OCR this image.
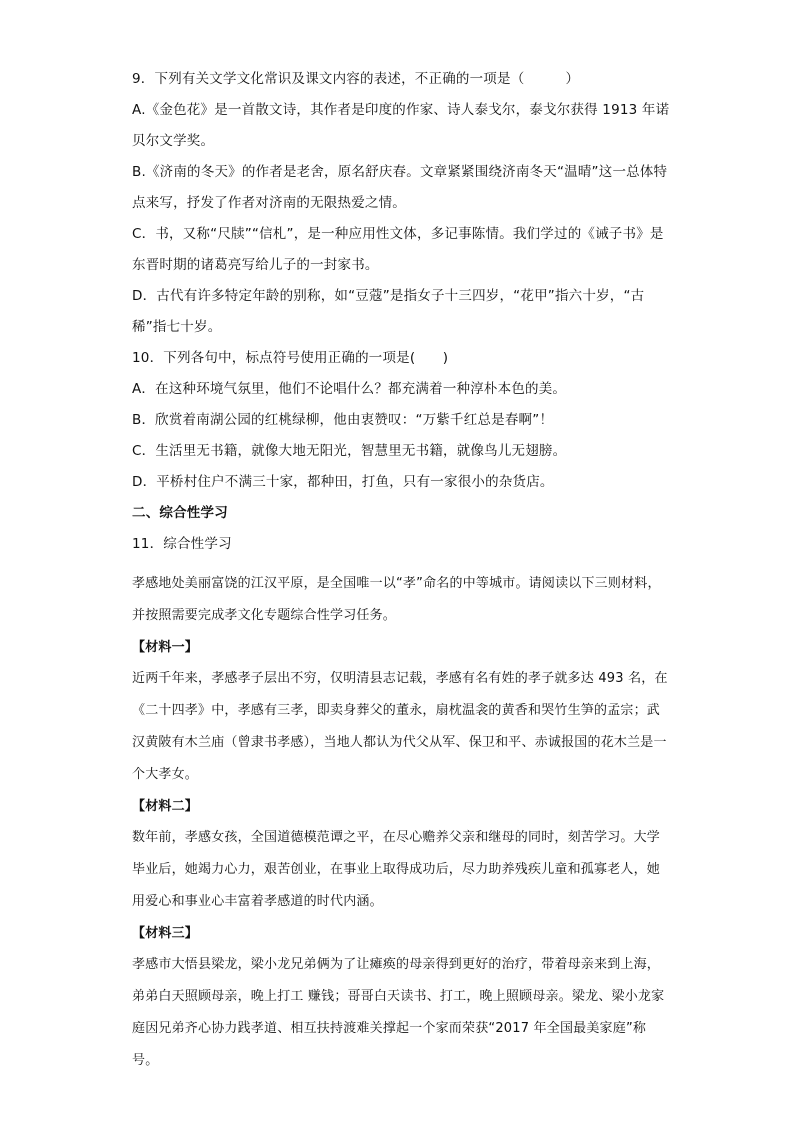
9．下列有关文学文化常识及课文内容的表述，不正确的一项是（　　　）

A.《金色花》是一首散文诗，其作者是印度的作家、诗人泰戈尔，泰戈尔获得 1913 年诺贝尔文学奖。

B.《济南的冬天》的作者是老舍，原名舒庆春。文章紧紧围绕济南冬天“温晴”这一总体特点来写，抒发了作者对济南的无限热爱之情。

C．书，又称“尺牍”“信札”，是一种应用性文体，多记事陈情。我们学过的《诫子书》是东晋时期的诸葛亮写给儿子的一封家书。

D．古代有许多特定年龄的别称，如“豆蔻”是指女子十三四岁，“花甲”指六十岁，“古稀”指七十岁。

10．下列各句中，标点符号使用正确的一项是(　　)

A．在这种环境气氛里，他们不论唱什么？都充满着一种淳朴本色的美。

B．欣赏着南湖公园的红桃绿柳，他由衷赞叹：“万紫千红总是春啊”！

C．生活里无书籍，就像大地无阳光，智慧里无书籍，就像鸟儿无翅膀。

D．平桥村住户不满三十家，都种田，打鱼，只有一家很小的杂货店。

二、综合性学习

11．综合性学习

孝感地处美丽富饶的江汉平原，是全国唯一以“孝”命名的中等城市。请阅读以下三则材料，并按照需要完成孝文化专题综合性学习任务。

【材料一】

近两千年来，孝感孝子层出不穷，仅明清县志记载，孝感有名有姓的孝子就多达 493 名，在《二十四孝》中，孝感有三孝，即卖身葬父的董永，扇枕温衾的黄香和哭竹生笋的孟宗；武汉黄陂有木兰庙（曾隶书孝感），当地人都认为代父从军、保卫和平、赤诚报国的花木兰是一个大孝女。

【材料二】

数年前，孝感女孩，全国道德模范谭之平，在尽心赡养父亲和继母的同时，刻苦学习。大学毕业后，她竭力心力，艰苦创业，在事业上取得成功后，尽力助养残疾儿童和孤寡老人，她用爱心和事业心丰富着孝感道的时代内涵。

【材料三】

孝感市大悟县梁龙，梁小龙兄弟俩为了让瘫痪的母亲得到更好的治疗，带着母亲来到上海，弟弟白天照顾母亲，晚上打工 赚钱；哥哥白天读书、打工，晚上照顾母亲。梁龙、梁小龙家庭因兄弟齐心协力践孝道、相互扶持渡难关撑起一个家而荣获“2017 年全国最美家庭”称号。
